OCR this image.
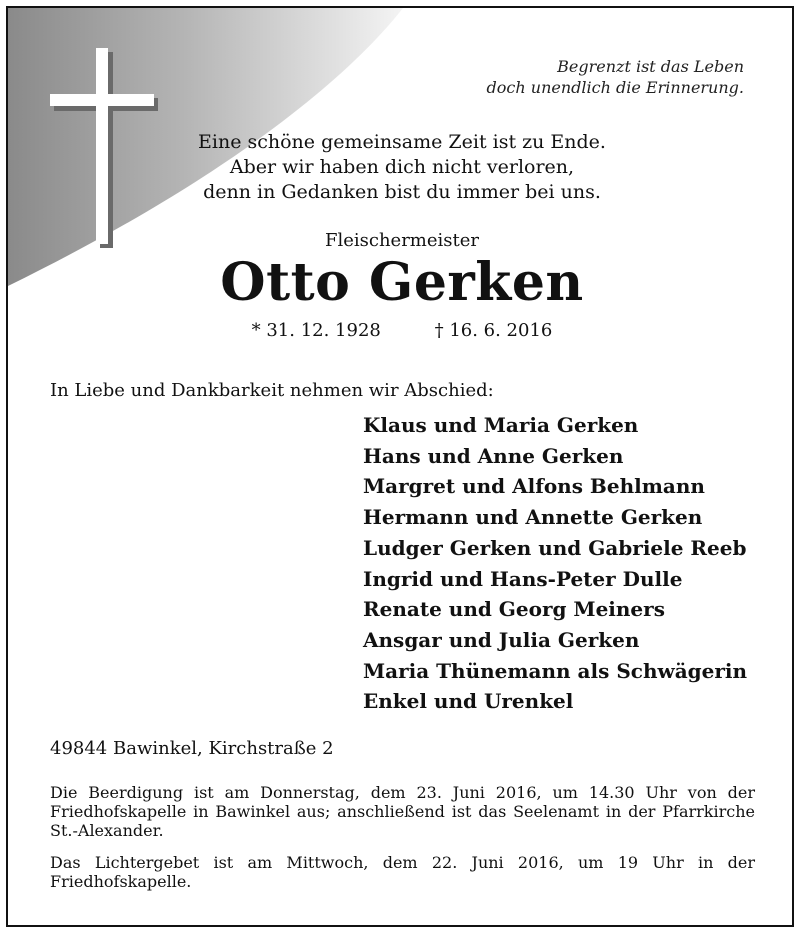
Begrenzt ist das Leben
doch unendlich die Erinnerung.
Eine schöne gemeinsame Zeit ist zu Ende.
Aber wir haben dich nicht verloren,
denn in Gedanken bist du immer bei uns.
Fleischermeister
Otto Gerken
* 31. 12. 1928	† 16. 6. 2016
In Liebe und Dankbarkeit nehmen wir Abschied:
Klaus und Maria Gerken
Hans und Anne Gerken
Margret und Alfons Behlmann
Hermann und Annette Gerken
Ludger Gerken und Gabriele Reeb
Ingrid und Hans-Peter Dulle
Renate und Georg Meiners
Ansgar und Julia Gerken
Maria Thünemann als Schwägerin
Enkel und Urenkel
49844 Bawinkel, Kirchstraße 2
Die Beerdigung ist am Donnerstag, dem 23. Juni 2016, um 14.30 Uhr von der Friedhofskapelle in Bawinkel aus; anschließend ist das Seelenamt in der Pfarrkirche St.-Alexander.
Das Lichtergebet ist am Mittwoch, dem 22. Juni 2016, um 19 Uhr in der Friedhofskapelle.
